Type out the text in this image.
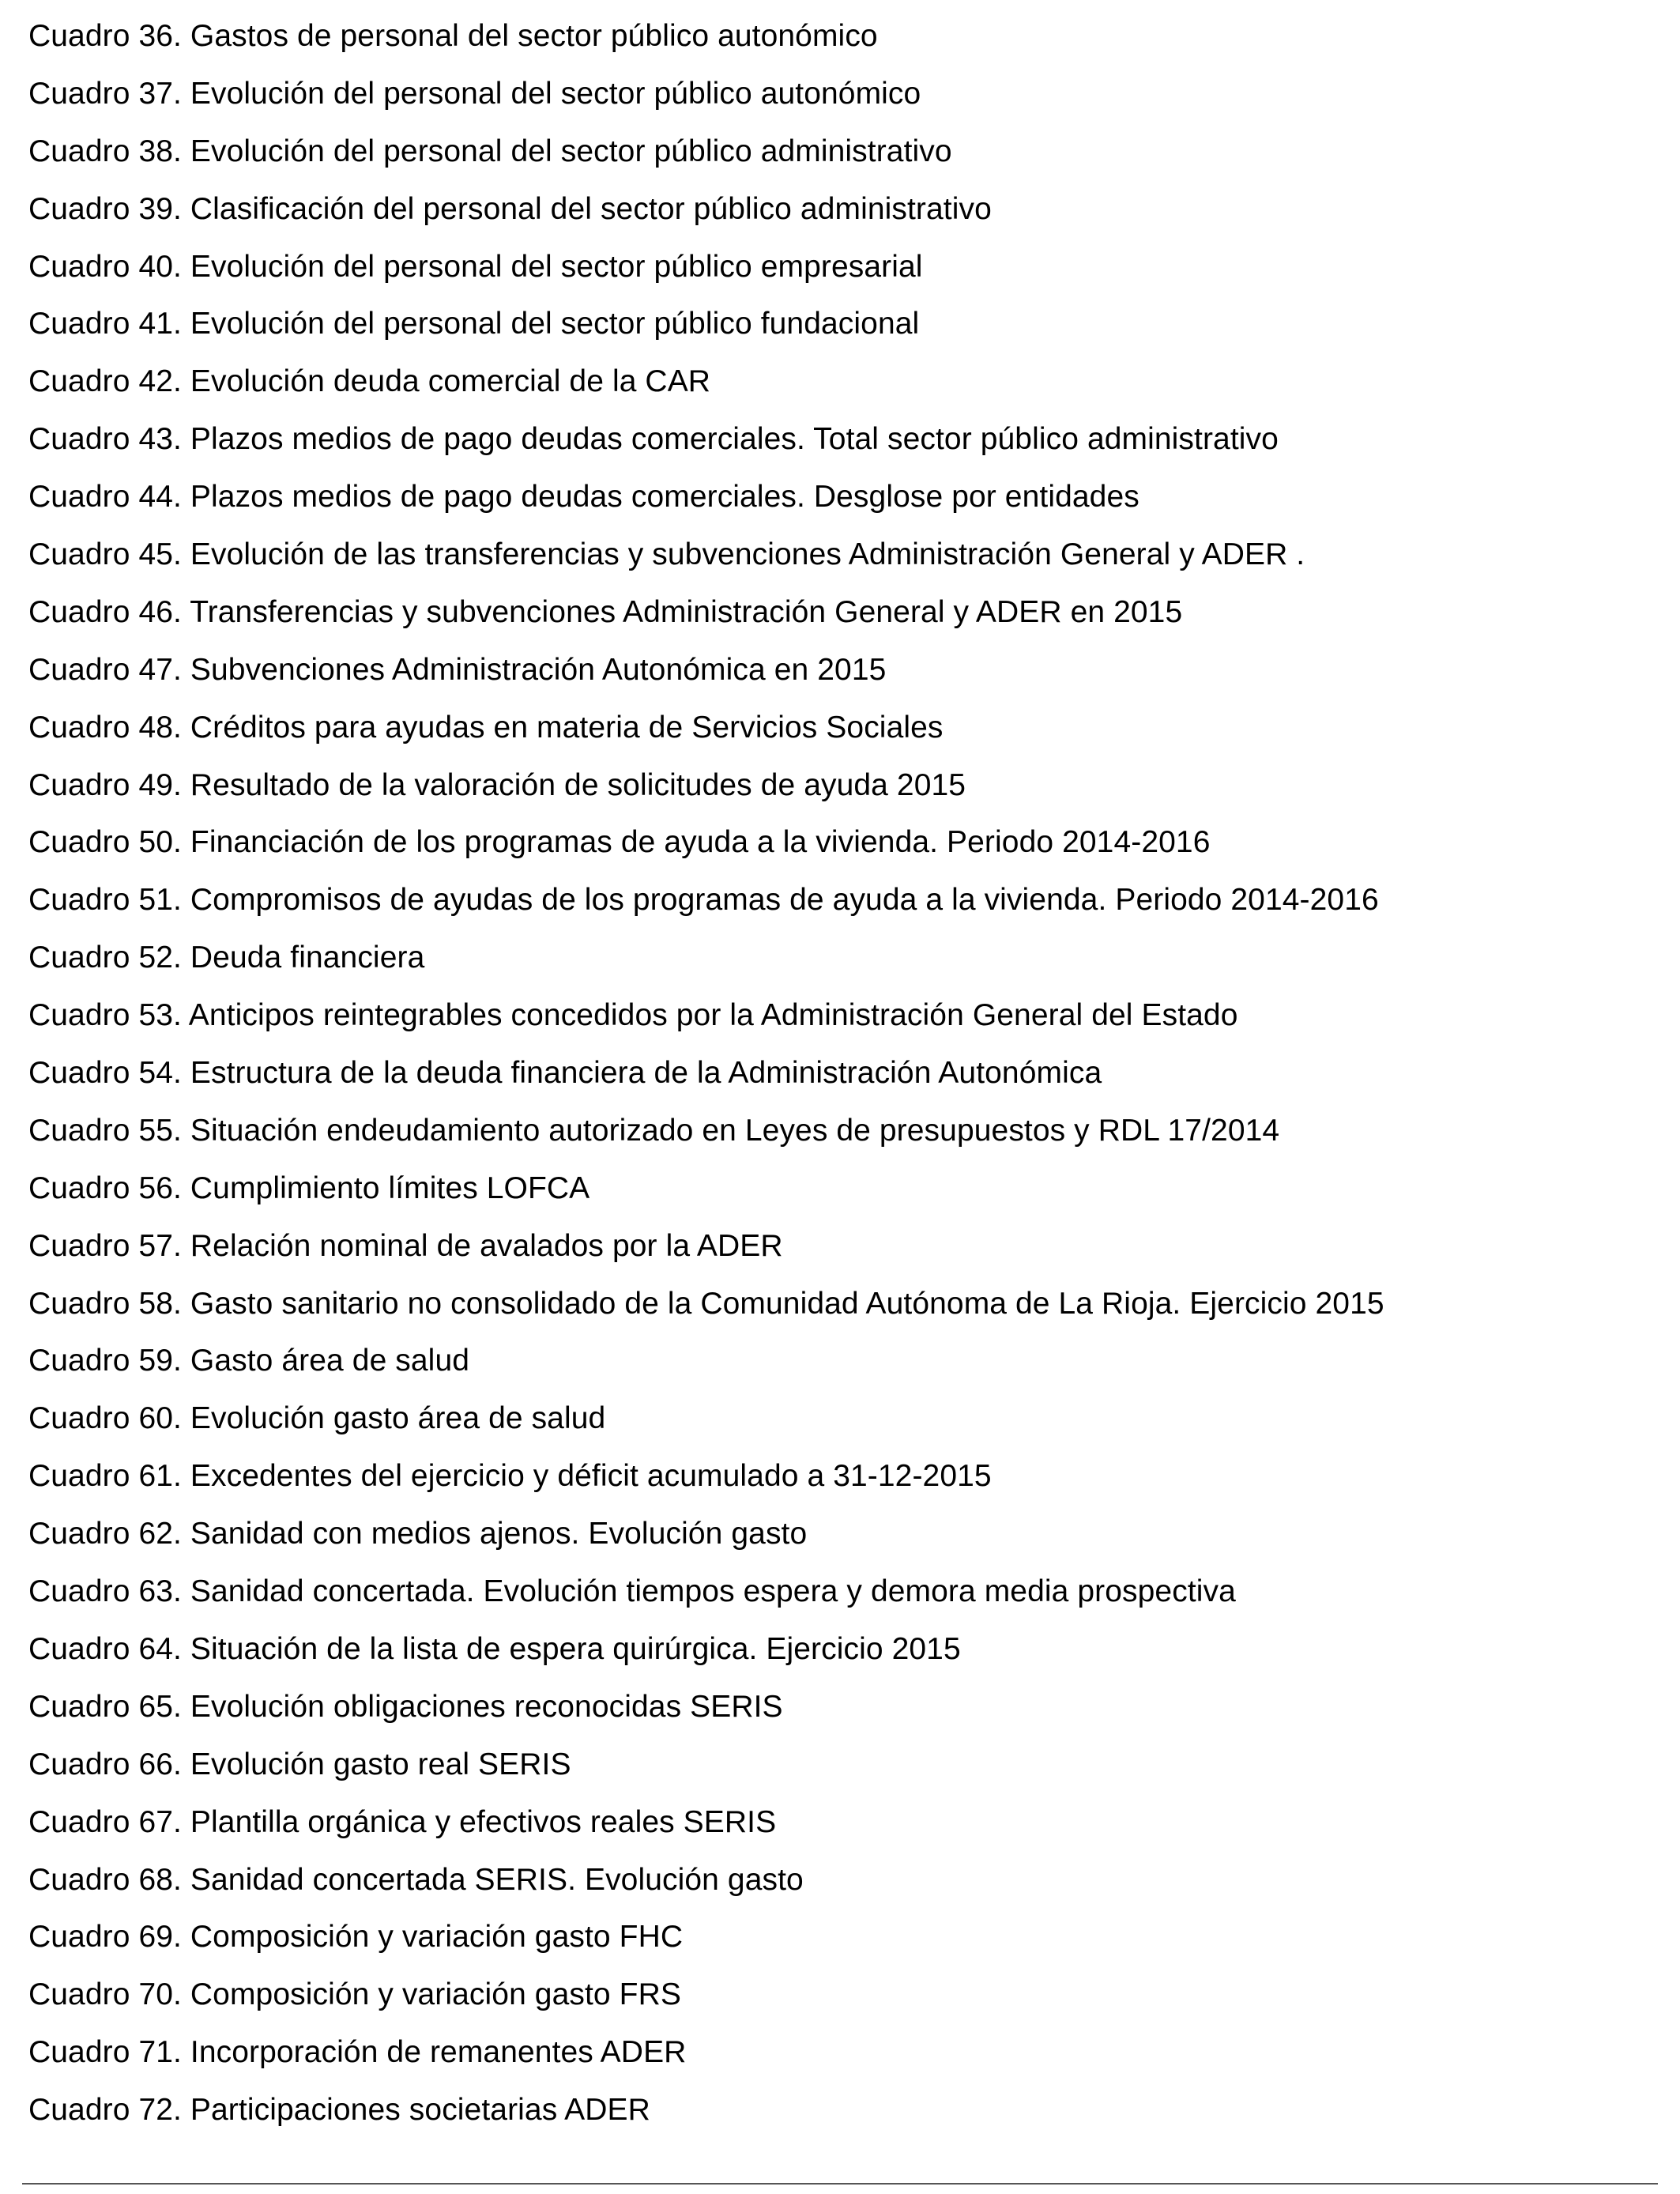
Cuadro 36. Gastos de personal del sector público autonómico
Cuadro 37. Evolución del personal del sector público autonómico
Cuadro 38. Evolución del personal del sector público administrativo
Cuadro 39. Clasificación del personal del sector público administrativo
Cuadro 40. Evolución del personal del sector público empresarial
Cuadro 41. Evolución del personal del sector público fundacional
Cuadro 42. Evolución deuda comercial de la CAR
Cuadro 43. Plazos medios de pago deudas comerciales. Total sector público administrativo
Cuadro 44. Plazos medios de pago deudas comerciales. Desglose por entidades
Cuadro 45. Evolución de las transferencias y subvenciones Administración General y ADER .
Cuadro 46. Transferencias y subvenciones Administración General y ADER en 2015
Cuadro 47. Subvenciones Administración Autonómica en 2015
Cuadro 48. Créditos para ayudas en materia de Servicios Sociales
Cuadro 49. Resultado de la valoración de solicitudes de ayuda 2015
Cuadro 50. Financiación de los programas de ayuda a la vivienda. Periodo 2014-2016
Cuadro 51. Compromisos de ayudas de los programas de ayuda a la vivienda. Periodo 2014-2016
Cuadro 52. Deuda financiera
Cuadro 53. Anticipos reintegrables concedidos por la Administración General del Estado
Cuadro 54. Estructura de la deuda financiera de la Administración Autonómica
Cuadro 55. Situación endeudamiento autorizado en Leyes de presupuestos y RDL 17/2014
Cuadro 56. Cumplimiento límites LOFCA
Cuadro 57. Relación nominal de avalados por la ADER
Cuadro 58. Gasto sanitario no consolidado de la Comunidad Autónoma de La Rioja. Ejercicio 2015
Cuadro 59. Gasto área de salud
Cuadro 60. Evolución gasto área de salud
Cuadro 61. Excedentes del ejercicio y déficit acumulado a 31-12-2015
Cuadro 62. Sanidad con medios ajenos. Evolución gasto
Cuadro 63. Sanidad concertada. Evolución tiempos espera y demora media prospectiva
Cuadro 64. Situación de la lista de espera quirúrgica. Ejercicio 2015
Cuadro 65. Evolución obligaciones reconocidas SERIS
Cuadro 66. Evolución gasto real SERIS
Cuadro 67. Plantilla orgánica y efectivos reales SERIS
Cuadro 68. Sanidad concertada SERIS. Evolución gasto
Cuadro 69. Composición y variación gasto FHC
Cuadro 70. Composición y variación gasto FRS
Cuadro 71. Incorporación de remanentes ADER
Cuadro 72. Participaciones societarias ADER
